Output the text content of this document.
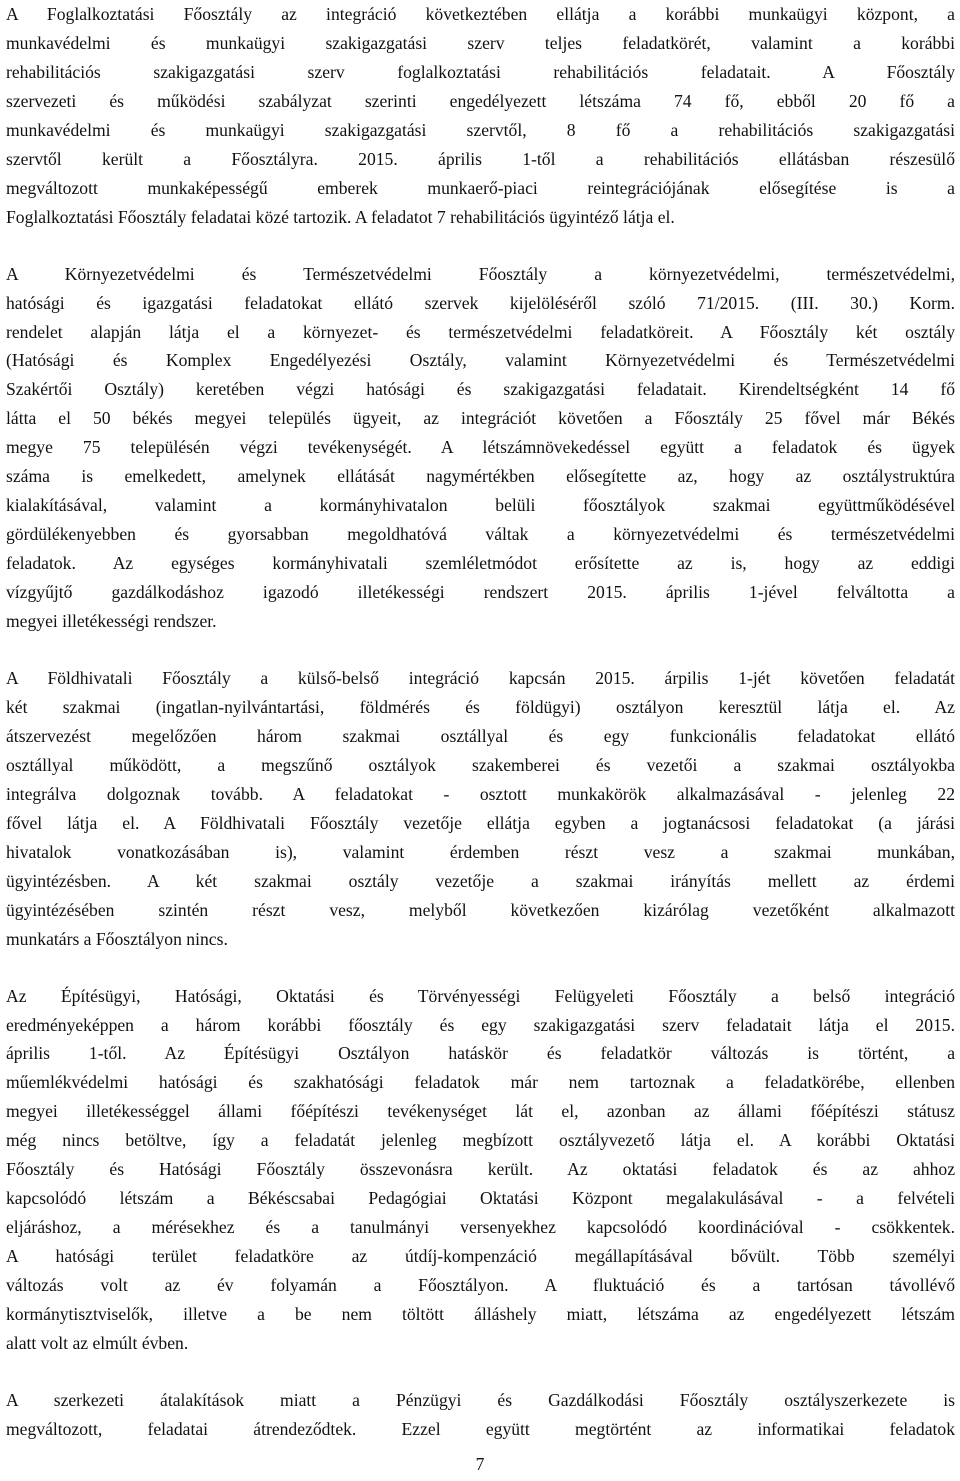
A Foglalkoztatási Főosztály az integráció következtében ellátja a korábbi munkaügyi központ, a
munkavédelmi és munkaügyi szakigazgatási szerv teljes feladatkörét, valamint a korábbi
rehabilitációs szakigazgatási szerv foglalkoztatási rehabilitációs feladatait. A Főosztály
szervezeti és működési szabályzat szerinti engedélyezett létszáma 74 fő, ebből 20 fő a
munkavédelmi és munkaügyi szakigazgatási szervtől, 8 fő a rehabilitációs szakigazgatási
szervtől került a Főosztályra. 2015. április 1-től a rehabilitációs ellátásban részesülő
megváltozott munkaképességű emberek munkaerő-piaci reintegrációjának elősegítése is a
Foglalkoztatási Főosztály feladatai közé tartozik. A feladatot 7 rehabilitációs ügyintéző látja el.
A Környezetvédelmi és Természetvédelmi Főosztály a környezetvédelmi, természetvédelmi,
hatósági és igazgatási feladatokat ellátó szervek kijelöléséről szóló 71/2015. (III. 30.) Korm.
rendelet alapján látja el a környezet- és természetvédelmi feladatköreit. A Főosztály két osztály
(Hatósági és Komplex Engedélyezési Osztály, valamint Környezetvédelmi és Természetvédelmi
Szakértői Osztály) keretében végzi hatósági és szakigazgatási feladatait. Kirendeltségként 14 fő
látta el 50 békés megyei település ügyeit, az integrációt követően a Főosztály 25 fővel már Békés
megye 75 településén végzi tevékenységét. A létszámnövekedéssel együtt a feladatok és ügyek
száma is emelkedett, amelynek ellátását nagymértékben elősegítette az, hogy az osztálystruktúra
kialakításával, valamint a kormányhivatalon belüli főosztályok szakmai együttműködésével
gördülékenyebben és gyorsabban megoldhatóvá váltak a környezetvédelmi és természetvédelmi
feladatok. Az egységes kormányhivatali szemléletmódot erősítette az is, hogy az eddigi
vízgyűjtő gazdálkodáshoz igazodó illetékességi rendszert 2015. április 1-jével felváltotta a
megyei illetékességi rendszer.
A Földhivatali Főosztály a külső-belső integráció kapcsán 2015. árpilis 1-jét követően feladatát
két szakmai (ingatlan-nyilvántartási, földmérés és földügyi) osztályon keresztül látja el. Az
átszervezést megelőzően három szakmai osztállyal és egy funkcionális feladatokat ellátó
osztállyal működött, a megszűnő osztályok szakemberei és vezetői a szakmai osztályokba
integrálva dolgoznak tovább. A feladatokat - osztott munkakörök alkalmazásával - jelenleg 22
fővel látja el. A Földhivatali Főosztály vezetője ellátja egyben a jogtanácsosi feladatokat (a járási
hivatalok vonatkozásában is), valamint érdemben részt vesz a szakmai munkában,
ügyintézésben. A két szakmai osztály vezetője a szakmai irányítás mellett az érdemi
ügyintézésében szintén részt vesz, melyből következően kizárólag vezetőként alkalmazott
munkatárs a Főosztályon nincs.
Az Építésügyi, Hatósági, Oktatási és Törvényességi Felügyeleti Főosztály a belső integráció
eredményeképpen a három korábbi főosztály és egy szakigazgatási szerv feladatait látja el 2015.
április 1-től. Az Építésügyi Osztályon hatáskör és feladatkör változás is történt, a
műemlékvédelmi hatósági és szakhatósági feladatok már nem tartoznak a feladatkörébe, ellenben
megyei illetékességgel állami főépítészi tevékenységet lát el, azonban az állami főépítészi státusz
még nincs betöltve, így a feladatát jelenleg megbízott osztályvezető látja el. A korábbi Oktatási
Főosztály és Hatósági Főosztály összevonásra került. Az oktatási feladatok és az ahhoz
kapcsolódó létszám a Békéscsabai Pedagógiai Oktatási Központ megalakulásával - a felvételi
eljáráshoz, a mérésekhez és a tanulmányi versenyekhez kapcsolódó koordinációval - csökkentek.
A hatósági terület feladatköre az útdíj-kompenzáció megállapításával bővült. Több személyi
változás volt az év folyamán a Főosztályon. A fluktuáció és a tartósan távollévő
kormánytisztviselők, illetve a be nem töltött álláshely miatt, létszáma az engedélyezett létszám
alatt volt az elmúlt évben.
A szerkezeti átalakítások miatt a Pénzügyi és Gazdálkodási Főosztály osztályszerkezete is
megváltozott, feladatai átrendeződtek. Ezzel együtt megtörtént az informatikai feladatok
7
